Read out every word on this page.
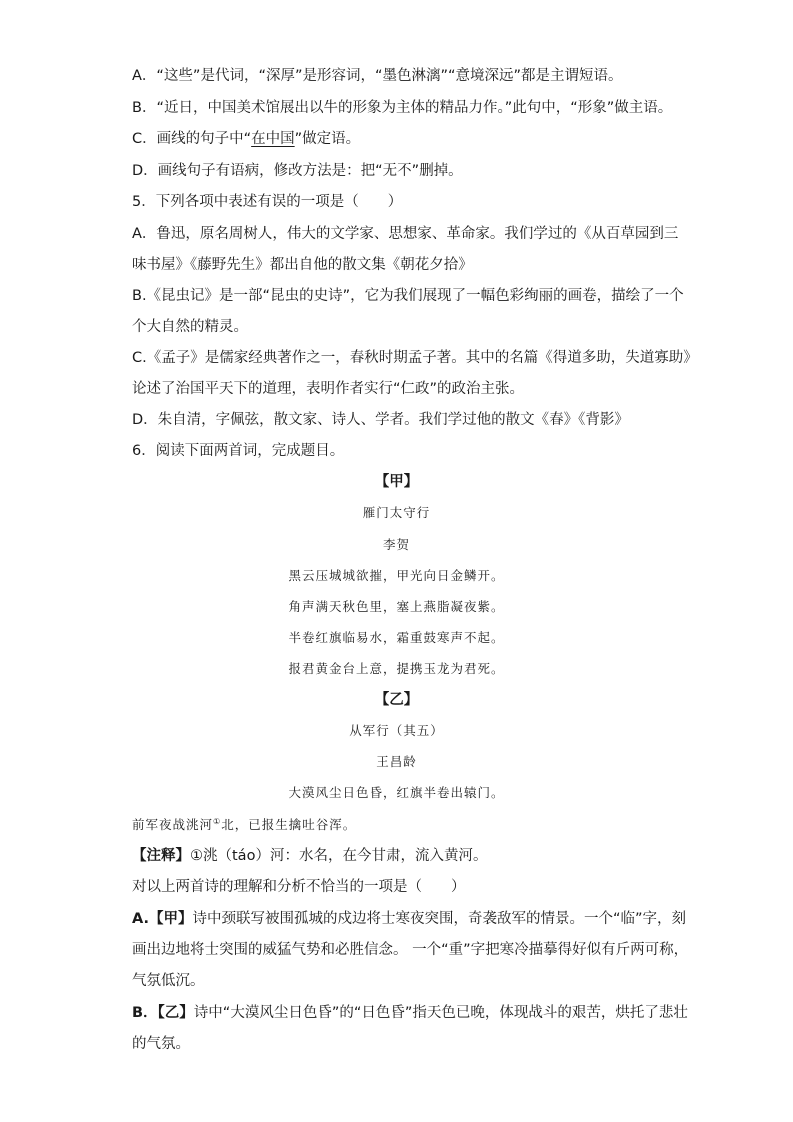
A．“这些”是代词，“深厚”是形容词，“墨色淋漓”“意境深远”都是主谓短语。
B．“近日，中国美术馆展出以牛的形象为主体的精品力作。”此句中，“形象”做主语。
C．画线的句子中“在中国”做定语。
D．画线句子有语病，修改方法是：把“无不”删掉。
5．下列各项中表述有误的一项是（　　）
A．鲁迅，原名周树人，伟大的文学家、思想家、革命家。我们学过的《从百草园到三
味书屋》《藤野先生》都出自他的散文集《朝花夕拾》
B.《昆虫记》是一部“昆虫的史诗”，它为我们展现了一幅色彩绚丽的画卷，描绘了一个
个大自然的精灵。
C.《孟子》是儒家经典著作之一，春秋时期孟子著。其中的名篇《得道多助，失道寡助》
论述了治国平天下的道理，表明作者实行“仁政”的政治主张。
D．朱自清，字佩弦，散文家、诗人、学者。我们学过他的散文《春》《背影》
6．阅读下面两首词，完成题目。
【甲】
雁门太守行
李贺
黑云压城城欲摧，甲光向日金鳞开。
角声满天秋色里，塞上燕脂凝夜紫。
半卷红旗临易水，霜重鼓寒声不起。
报君黄金台上意，提携玉龙为君死。
【乙】
从军行（其五）
王昌龄
大漠风尘日色昏，红旗半卷出辕门。
前军夜战洮河①北，已报生擒吐谷浑。
【注释】①洮（táo）河：水名，在今甘肃，流入黄河。
对以上两首诗的理解和分析不恰当的一项是（　　）
A.【甲】诗中颈联写被围孤城的戍边将士寒夜突围，奇袭敌军的情景。一个“临”字，刻
画出边地将士突围的威猛气势和必胜信念。 一个“重”字把寒冷描摹得好似有斤两可称，
气氛低沉。
B．【乙】诗中“大漠风尘日色昏”的“日色昏”指天色已晚，体现战斗的艰苦，烘托了悲壮
的气氛。
